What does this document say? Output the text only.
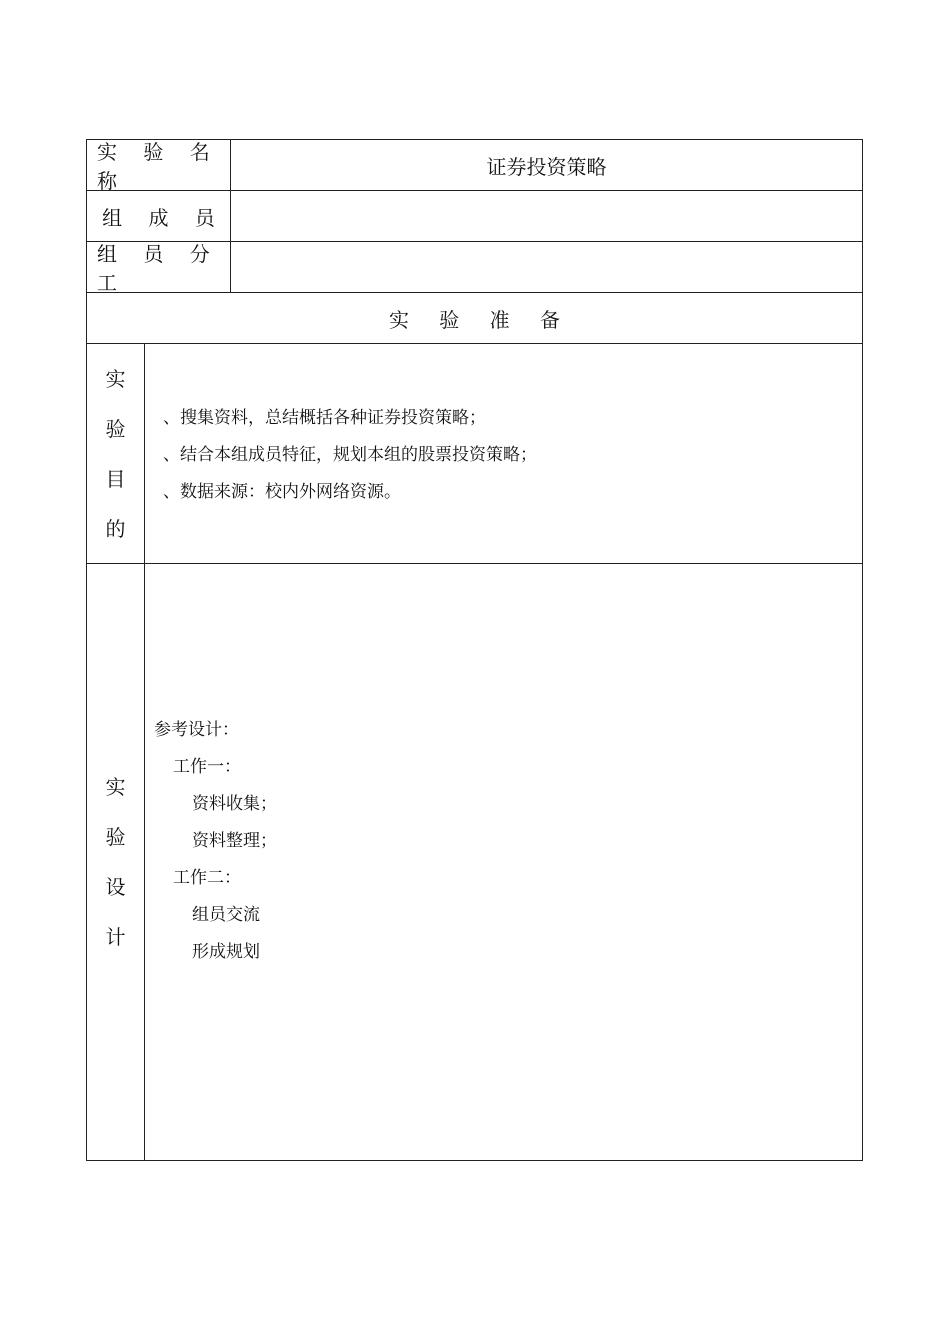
实 验 名 称
证券投资策略
组 成 员
组 员 分 工
实 验 准 备
实
验
目
的
、搜集资料，总结概括各种证券投资策略；
、结合本组成员特征，规划本组的股票投资策略；
、数据来源：校内外网络资源。
实
验
设
计
参考设计：
工作一：
资料收集；
资料整理；
工作二：
组员交流
形成规划
